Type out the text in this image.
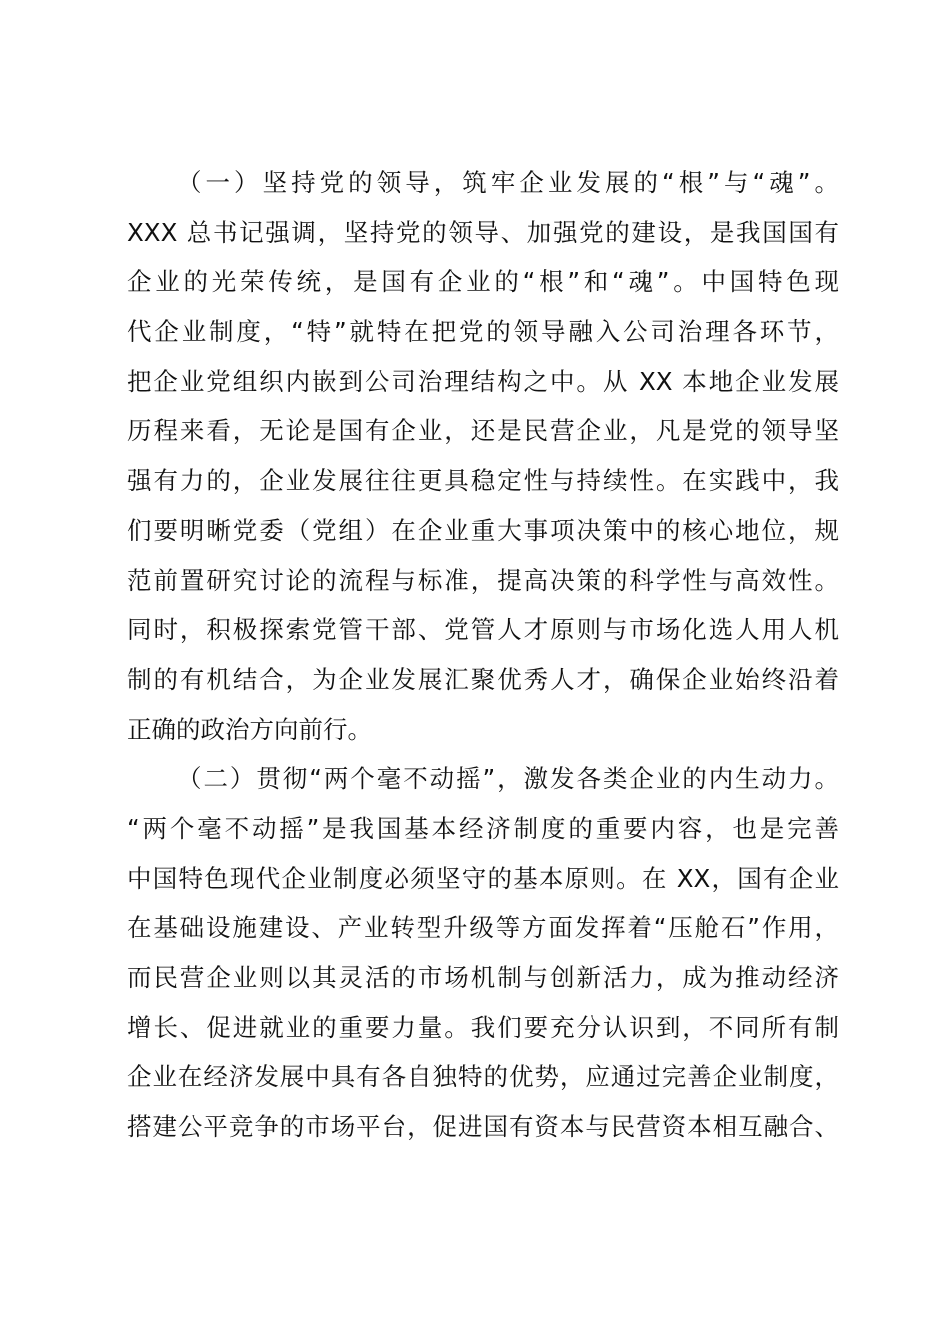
（一）坚持党的领导，筑牢企业发展的“根”与“魂”。
XXX 总书记强调，坚持党的领导、加强党的建设，是我国国有
企业的光荣传统，是国有企业的“根”和“魂”。中国特色现
代企业制度，“特”就特在把党的领导融入公司治理各环节，
把企业党组织内嵌到公司治理结构之中。从 XX 本地企业发展
历程来看，无论是国有企业，还是民营企业，凡是党的领导坚
强有力的，企业发展往往更具稳定性与持续性。在实践中，我
们要明晰党委（党组）在企业重大事项决策中的核心地位，规
范前置研究讨论的流程与标准，提高决策的科学性与高效性。
同时，积极探索党管干部、党管人才原则与市场化选人用人机
制的有机结合，为企业发展汇聚优秀人才，确保企业始终沿着
正确的政治方向前行。
（二）贯彻“两个毫不动摇”，激发各类企业的内生动力。
“两个毫不动摇”是我国基本经济制度的重要内容，也是完善
中国特色现代企业制度必须坚守的基本原则。在 XX，国有企业
在基础设施建设、产业转型升级等方面发挥着“压舱石”作用，
而民营企业则以其灵活的市场机制与创新活力，成为推动经济
增长、促进就业的重要力量。我们要充分认识到，不同所有制
企业在经济发展中具有各自独特的优势，应通过完善企业制度，
搭建公平竞争的市场平台，促进国有资本与民营资本相互融合、
